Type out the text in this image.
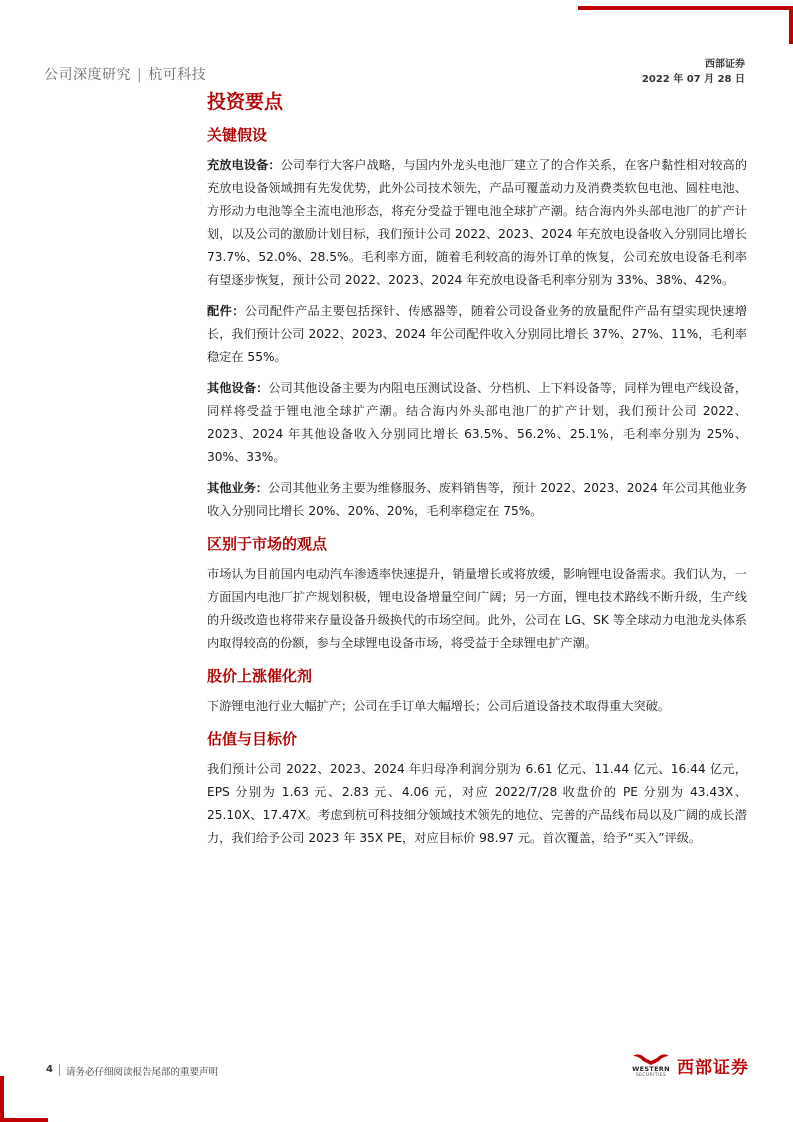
公司深度研究 | 杭可科技
西部证券
2022 年 07 月 28 日
投资要点
关键假设

充放电设备：公司奉行大客户战略，与国内外龙头电池厂建立了的合作关系，在客户黏性相对较高的充放电设备领域拥有先发优势，此外公司技术领先，产品可覆盖动力及消费类软包电池、圆柱电池、方形动力电池等全主流电池形态，将充分受益于锂电池全球扩产潮。结合海内外头部电池厂的扩产计划，以及公司的激励计划目标，我们预计公司 2022、2023、2024 年充放电设备收入分别同比增长 73.7%、52.0%、28.5%。毛利率方面，随着毛利较高的海外订单的恢复，公司充放电设备毛利率有望逐步恢复，预计公司 2022、2023、2024 年充放电设备毛利率分别为 33%、38%、42%。

配件：公司配件产品主要包括探针、传感器等，随着公司设备业务的放量配件产品有望实现快速增长，我们预计公司 2022、2023、2024 年公司配件收入分别同比增长 37%、27%、11%，毛利率稳定在 55%。

其他设备：公司其他设备主要为内阻电压测试设备、分档机、上下料设备等，同样为锂电产线设备，同样将受益于锂电池全球扩产潮。结合海内外头部电池厂的扩产计划，我们预计公司 2022、2023、2024 年其他设备收入分别同比增长 63.5%、56.2%、25.1%，毛利率分别为 25%、30%、33%。

其他业务：公司其他业务主要为维修服务、废料销售等，预计 2022、2023、2024 年公司其他业务收入分别同比增长 20%、20%、20%，毛利率稳定在 75%。

区别于市场的观点

市场认为目前国内电动汽车渗透率快速提升，销量增长或将放缓，影响锂电设备需求。我们认为，一方面国内电池厂扩产规划积极，锂电设备增量空间广阔；另一方面，锂电技术路线不断升级，生产线的升级改造也将带来存量设备升级换代的市场空间。此外，公司在 LG、SK 等全球动力电池龙头体系内取得较高的份额，参与全球锂电设备市场，将受益于全球锂电扩产潮。

股价上涨催化剂

下游锂电池行业大幅扩产；公司在手订单大幅增长；公司后道设备技术取得重大突破。

估值与目标价

我们预计公司 2022、2023、2024 年归母净利润分别为 6.61 亿元、11.44 亿元、16.44 亿元，EPS 分别为 1.63 元、2.83 元、4.06 元，对应 2022/7/28 收盘价的 PE 分别为 43.43X、25.10X、17.47X。考虑到杭可科技细分领域技术领先的地位、完善的产品线布局以及广阔的成长潜力，我们给予公司 2023 年 35X PE，对应目标价 98.97 元。首次覆盖，给予“买入”评级。

4 请务必仔细阅读报告尾部的重要声明	WESTERN
SECURITIES 西部证券
